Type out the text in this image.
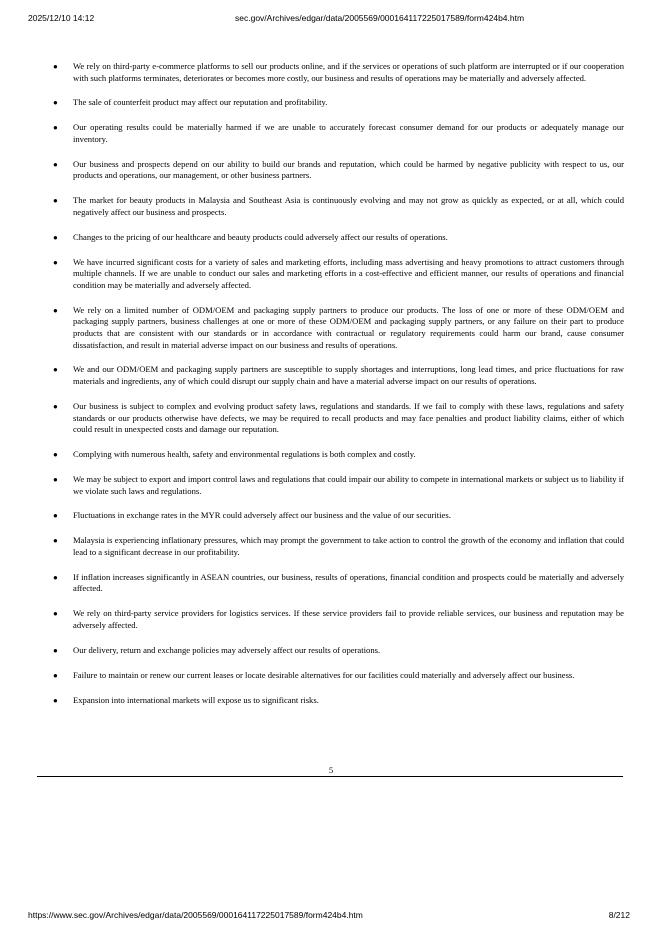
2025/12/10 14:12	sec.gov/Archives/edgar/data/2005569/000164117225017589/form424b4.htm
● We rely on third-party e-commerce platforms to sell our products online, and if the services or operations of such platform are interrupted or if our cooperation with such platforms terminates, deteriorates or becomes more costly, our business and results of operations may be materially and adversely affected.
● The sale of counterfeit product may affect our reputation and profitability.
● Our operating results could be materially harmed if we are unable to accurately forecast consumer demand for our products or adequately manage our inventory.
● Our business and prospects depend on our ability to build our brands and reputation, which could be harmed by negative publicity with respect to us, our products and operations, our management, or other business partners.
● The market for beauty products in Malaysia and Southeast Asia is continuously evolving and may not grow as quickly as expected, or at all, which could negatively affect our business and prospects.
● Changes to the pricing of our healthcare and beauty products could adversely affect our results of operations.
● We have incurred significant costs for a variety of sales and marketing efforts, including mass advertising and heavy promotions to attract customers through multiple channels. If we are unable to conduct our sales and marketing efforts in a cost-effective and efficient manner, our results of operations and financial condition may be materially and adversely affected.
● We rely on a limited number of ODM/OEM and packaging supply partners to produce our products. The loss of one or more of these ODM/OEM and packaging supply partners, business challenges at one or more of these ODM/OEM and packaging supply partners, or any failure on their part to produce products that are consistent with our standards or in accordance with contractual or regulatory requirements could harm our brand, cause consumer dissatisfaction, and result in material adverse impact on our business and results of operations.
● We and our ODM/OEM and packaging supply partners are susceptible to supply shortages and interruptions, long lead times, and price fluctuations for raw materials and ingredients, any of which could disrupt our supply chain and have a material adverse impact on our results of operations.
● Our business is subject to complex and evolving product safety laws, regulations and standards. If we fail to comply with these laws, regulations and safety standards or our products otherwise have defects, we may be required to recall products and may face penalties and product liability claims, either of which could result in unexpected costs and damage our reputation.
● Complying with numerous health, safety and environmental regulations is both complex and costly.
● We may be subject to export and import control laws and regulations that could impair our ability to compete in international markets or subject us to liability if we violate such laws and regulations.
● Fluctuations in exchange rates in the MYR could adversely affect our business and the value of our securities.
● Malaysia is experiencing inflationary pressures, which may prompt the government to take action to control the growth of the economy and inflation that could lead to a significant decrease in our profitability.
● If inflation increases significantly in ASEAN countries, our business, results of operations, financial condition and prospects could be materially and adversely affected.
● We rely on third-party service providers for logistics services. If these service providers fail to provide reliable services, our business and reputation may be adversely affected.
● Our delivery, return and exchange policies may adversely affect our results of operations.
● Failure to maintain or renew our current leases or locate desirable alternatives for our facilities could materially and adversely affect our business.
● Expansion into international markets will expose us to significant risks.
5
https://www.sec.gov/Archives/edgar/data/2005569/000164117225017589/form424b4.htm	8/212
